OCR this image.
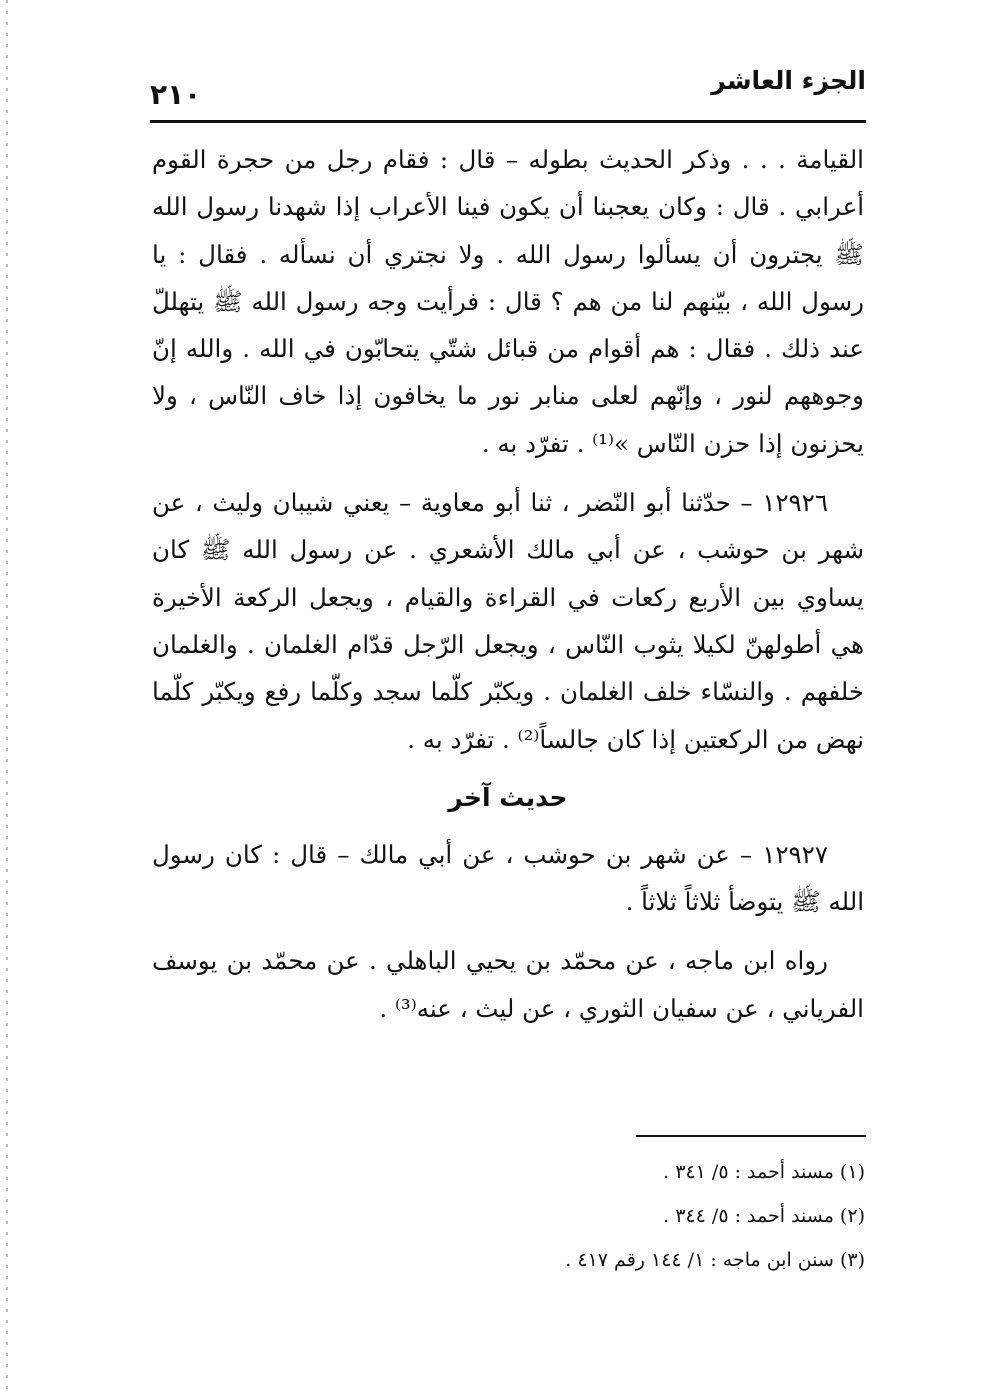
الجزء العاشر
٢١٠

القيامة . . . وذكر الحديث بطوله – قال : فقام رجل من حجرة القوم أعرابي . قال : وكان يعجبنا أن يكون فينا الأعراب إذا شهدنا رسول الله ﷺ يجترون أن يسألوا رسول الله . ولا نجتري أن نسأله . فقال : يا رسول الله ، بيّنهم لنا من هم ؟ قال : فرأيت وجه رسول الله ﷺ يتهللّ عند ذلك . فقال : هم أقوام من قبائل شتّي يتحابّون في الله . والله إنّ وجوههم لنور ، وإنّهم لعلى منابر نور ما يخافون إذا خاف النّاس ، ولا يحزنون إذا حزن النّاس »⁽¹⁾ . تفرّد به .

١٢٩٢٦ – حدّثنا أبو النّضر ، ثنا أبو معاوية – يعني شيبان وليث ، عن شهر بن حوشب ، عن أبي مالك الأشعري . عن رسول الله ﷺ كان يساوي بين الأربع ركعات في القراءة والقيام ، ويجعل الركعة الأخيرة هي أطولهنّ لكيلا يثوب النّاس ، ويجعل الرّجل قدّام الغلمان . والغلمان خلفهم . والنسّاء خلف الغلمان . ويكبّر كلّما سجد وكلّما رفع ويكبّر كلّما نهض من الركعتين إذا كان جالساً⁽²⁾ . تفرّد به .

حديث آخر

١٢٩٢٧ – عن شهر بن حوشب ، عن أبي مالك – قال : كان رسول الله ﷺ يتوضأ ثلاثاً ثلاثاً .

رواه ابن ماجه ، عن محمّد بن يحيي الباهلي . عن محمّد بن يوسف الفرياني ، عن سفيان الثوري ، عن ليث ، عنه⁽³⁾ .

(١) مسند أحمد : ٥/ ٣٤١ .
(٢) مسند أحمد : ٥/ ٣٤٤ .
(٣) سنن ابن ماجه : ١/ ١٤٤ رقم ٤١٧ .
